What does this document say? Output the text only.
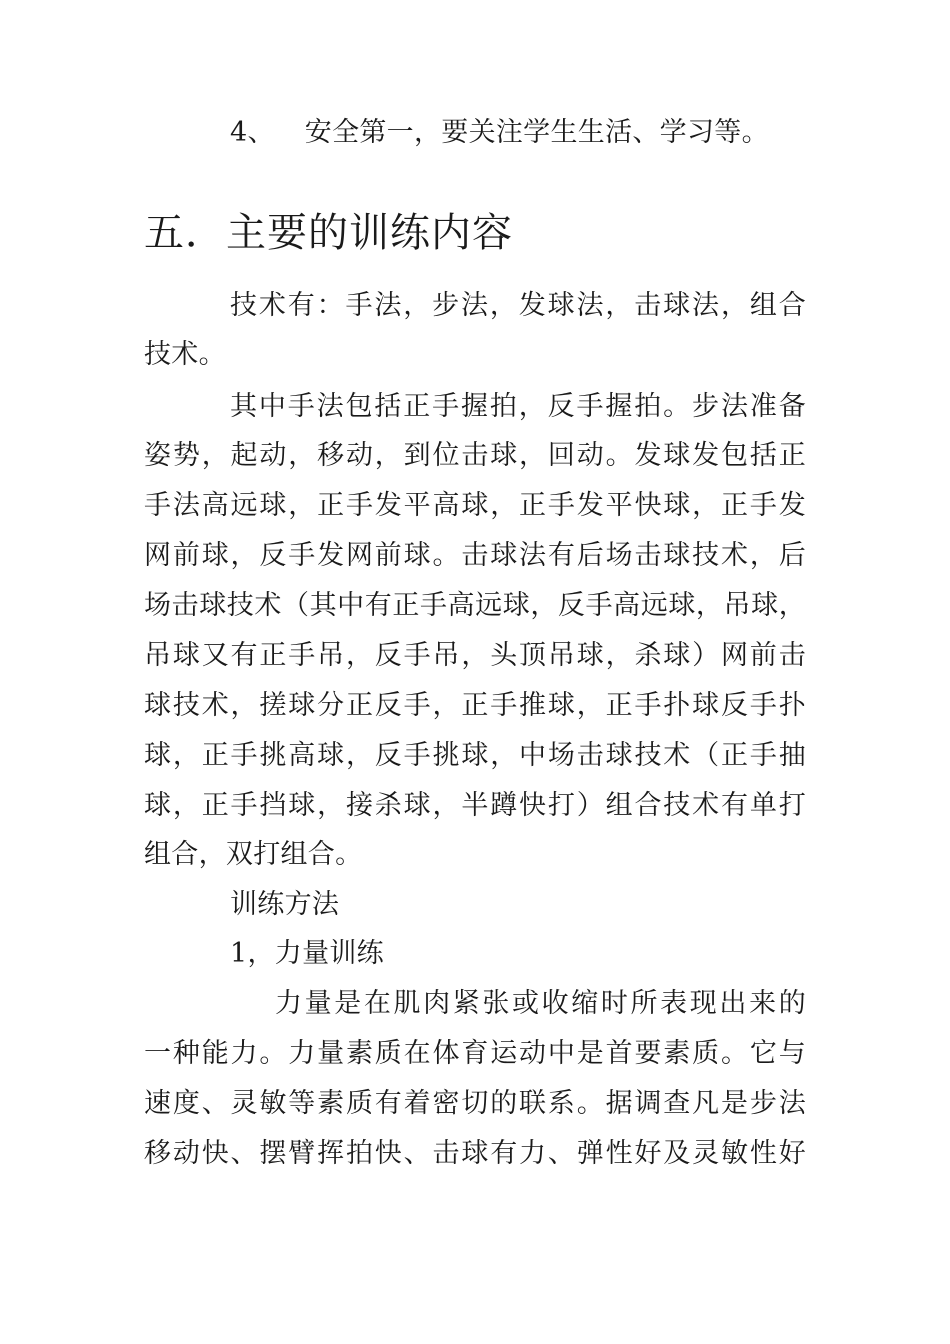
4、 安全第一，要关注学生生活、学习等。
五．主要的训练内容
技术有：手法，步法，发球法，击球法，组合
技术。
其中手法包括正手握拍，反手握拍。步法准备
姿势，起动，移动，到位击球，回动。发球发包括正
手法高远球，正手发平高球，正手发平快球，正手发
网前球，反手发网前球。击球法有后场击球技术，后
场击球技术（其中有正手高远球，反手高远球，吊球，
吊球又有正手吊，反手吊，头顶吊球，杀球）网前击
球技术，搓球分正反手，正手推球，正手扑球反手扑
球，正手挑高球，反手挑球，中场击球技术（正手抽
球，正手挡球，接杀球，半蹲快打）组合技术有单打
组合，双打组合。
训练方法
1，力量训练
力量是在肌肉紧张或收缩时所表现出来的
一种能力。力量素质在体育运动中是首要素质。它与
速度、灵敏等素质有着密切的联系。据调查凡是步法
移动快、摆臂挥拍快、击球有力、弹性好及灵敏性好
